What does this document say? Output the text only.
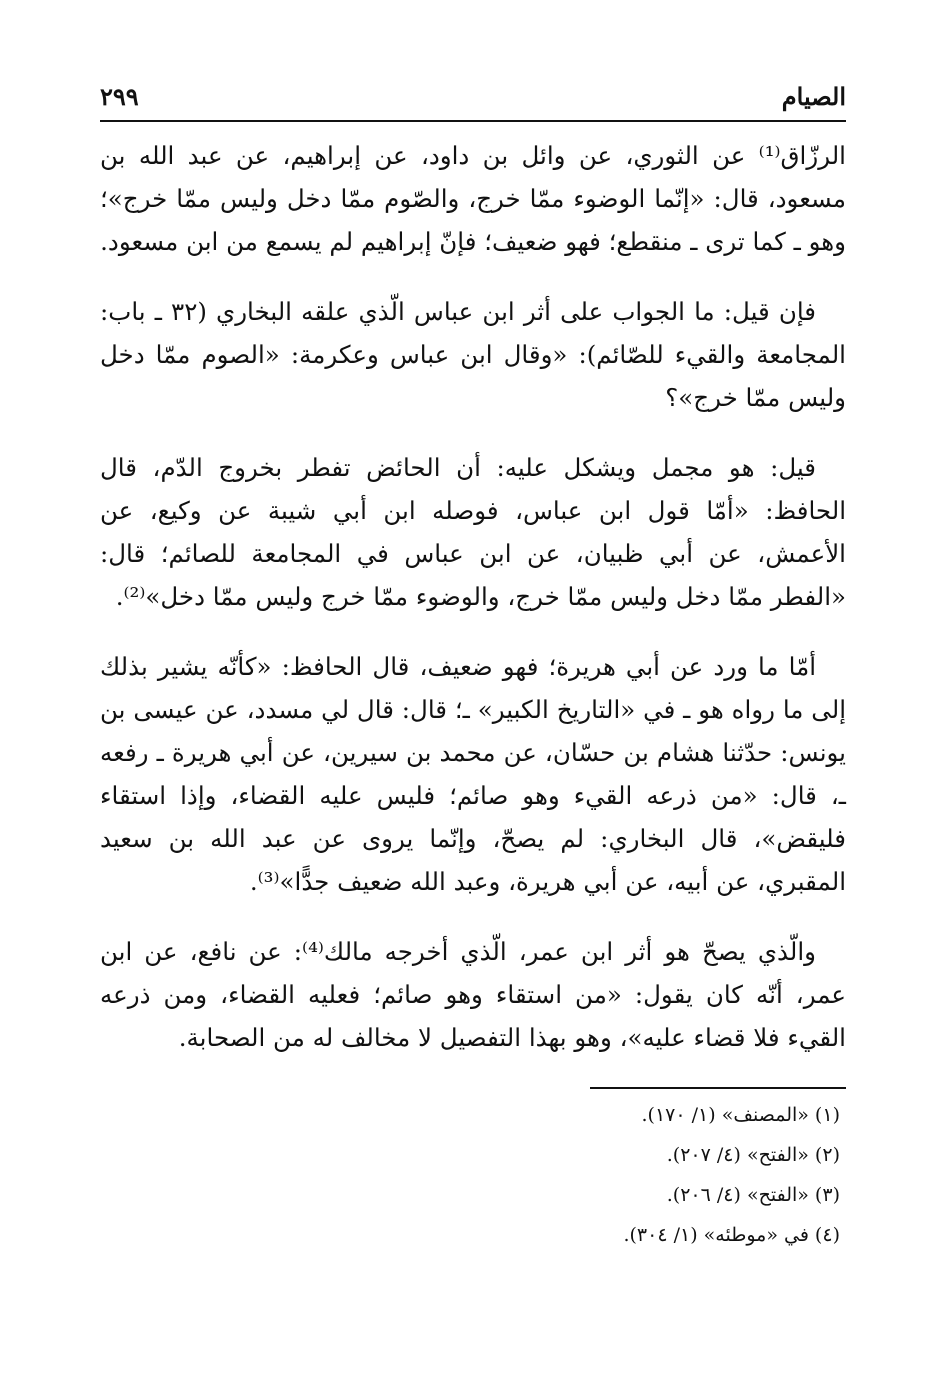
الصيام
٢٩٩

الرزّاق⁽¹⁾ عن الثوري، عن وائل بن داود، عن إبراهيم، عن عبد الله بن مسعود، قال: «إنّما الوضوء ممّا خرج، والصّوم ممّا دخل وليس ممّا خرج»؛ وهو ـ كما ترى ـ منقطع؛ فهو ضعيف؛ فإنّ إبراهيم لم يسمع من ابن مسعود.

فإن قيل: ما الجواب على أثر ابن عباس الّذي علقه البخاري (٣٢ ـ باب: المجامعة والقيء للصّائم): «وقال ابن عباس وعكرمة: «الصوم ممّا دخل وليس ممّا خرج»؟

قيل: هو مجمل ويشكل عليه: أن الحائض تفطر بخروج الدّم، قال الحافظ: «أمّا قول ابن عباس، فوصله ابن أبي شيبة عن وكيع، عن الأعمش، عن أبي ظبيان، عن ابن عباس في المجامعة للصائم؛ قال: «الفطر ممّا دخل وليس ممّا خرج، والوضوء ممّا خرج وليس ممّا دخل»⁽²⁾.

أمّا ما ورد عن أبي هريرة؛ فهو ضعيف، قال الحافظ: «كأنّه يشير بذلك إلى ما رواه هو ـ في «التاريخ الكبير» ـ؛ قال: قال لي مسدد، عن عيسى بن يونس: حدّثنا هشام بن حسّان، عن محمد بن سيرين، عن أبي هريرة ـ رفعه ـ، قال: «من ذرعه القيء وهو صائم؛ فليس عليه القضاء، وإذا استقاء فليقض»، قال البخاري: لم يصحّ، وإنّما يروى عن عبد الله بن سعيد المقبري، عن أبيه، عن أبي هريرة، وعبد الله ضعيف جدًّا»⁽³⁾.

والّذي يصحّ هو أثر ابن عمر، الّذي أخرجه مالك⁽⁴⁾: عن نافع، عن ابن عمر، أنّه كان يقول: «من استقاء وهو صائم؛ فعليه القضاء، ومن ذرعه القيء فلا قضاء عليه»، وهو بهذا التفصيل لا مخالف له من الصحابة.

(١) «المصنف» (١/ ١٧٠).

(٢) «الفتح» (٤/ ٢٠٧).

(٣) «الفتح» (٤/ ٢٠٦).

(٤) في «موطئه» (١/ ٣٠٤).
